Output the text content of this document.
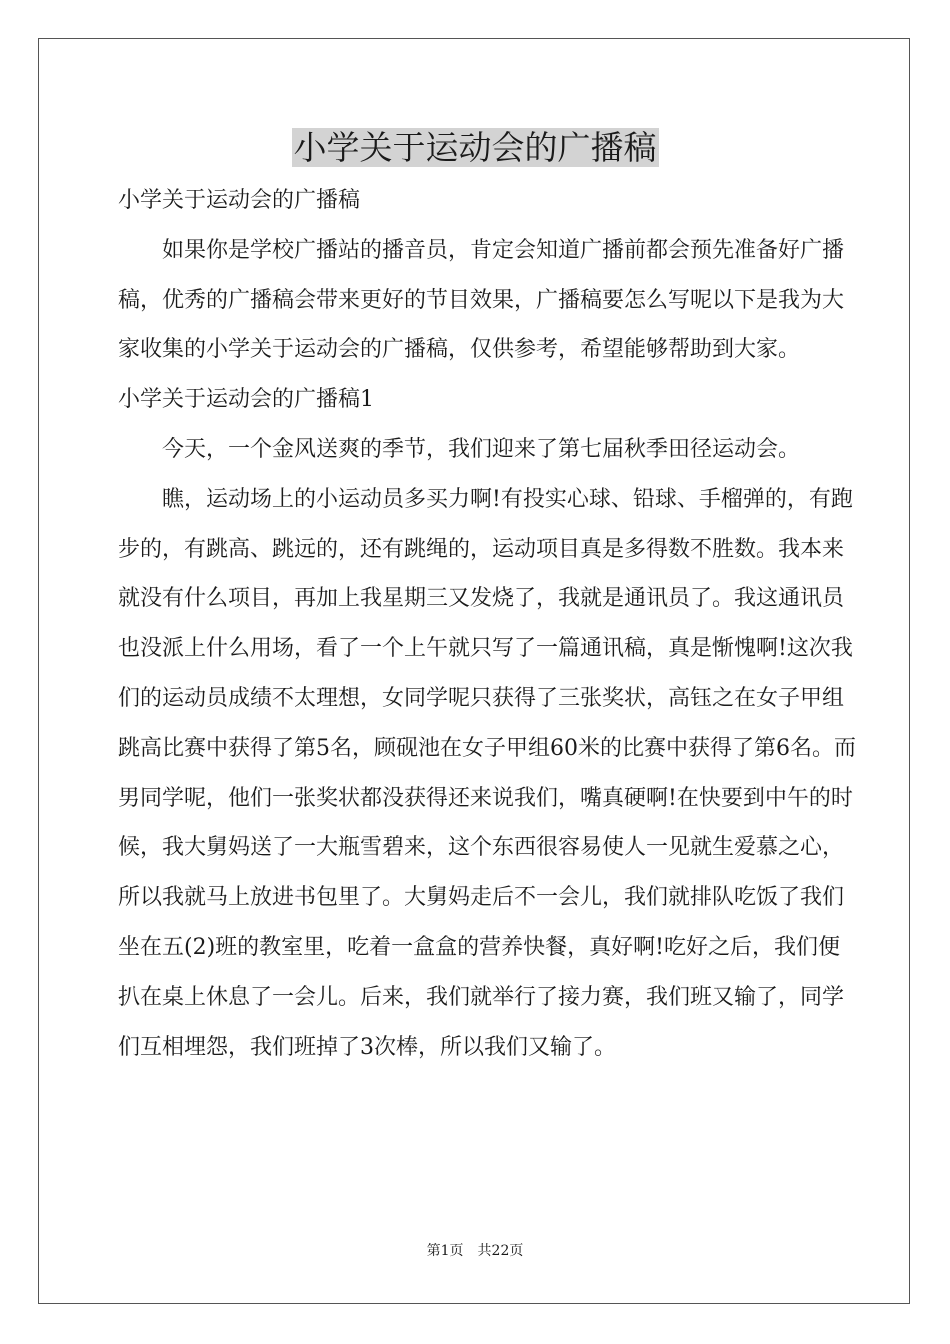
小学关于运动会的广播稿

小学关于运动会的广播稿

如果你是学校广播站的播音员，肯定会知道广播前都会预先准备好广播稿，优秀的广播稿会带来更好的节目效果，广播稿要怎么写呢以下是我为大家收集的小学关于运动会的广播稿，仅供参考，希望能够帮助到大家。

小学关于运动会的广播稿1

今天，一个金风送爽的季节，我们迎来了第七届秋季田径运动会。

瞧，运动场上的小运动员多买力啊!有投实心球、铅球、手榴弹的，有跑步的，有跳高、跳远的，还有跳绳的，运动项目真是多得数不胜数。我本来就没有什么项目，再加上我星期三又发烧了，我就是通讯员了。我这通讯员也没派上什么用场，看了一个上午就只写了一篇通讯稿，真是惭愧啊!这次我们的运动员成绩不太理想，女同学呢只获得了三张奖状，高钰之在女子甲组跳高比赛中获得了第5名，顾砚池在女子甲组60米的比赛中获得了第6名。而男同学呢，他们一张奖状都没获得还来说我们，嘴真硬啊!在快要到中午的时候，我大舅妈送了一大瓶雪碧来，这个东西很容易使人一见就生爱慕之心，所以我就马上放进书包里了。大舅妈走后不一会儿，我们就排队吃饭了我们坐在五(2)班的教室里，吃着一盒盒的营养快餐，真好啊!吃好之后，我们便扒在桌上休息了一会儿。后来，我们就举行了接力赛，我们班又输了，同学们互相埋怨，我们班掉了3次棒，所以我们又输了。

第1页 共22页
